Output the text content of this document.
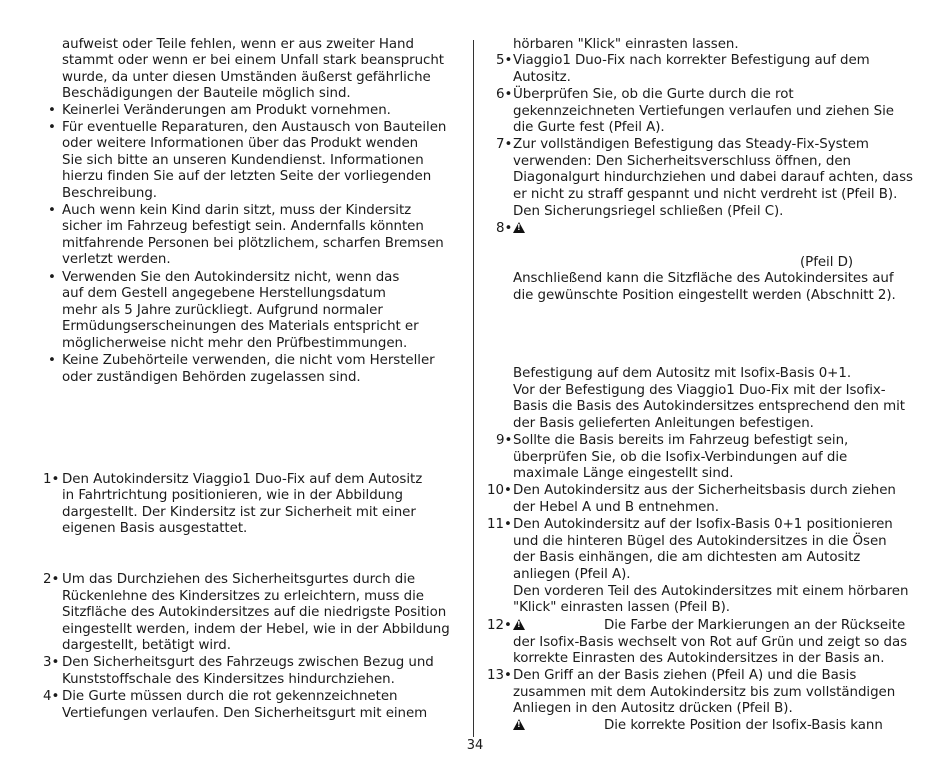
aufweist oder Teile fehlen, wenn er aus zweiter Hand
stammt oder wenn er bei einem Unfall stark beansprucht
wurde, da unter diesen Umständen äußerst gefährliche
Beschädigungen der Bauteile möglich sind.
• Keinerlei Veränderungen am Produkt vornehmen.
• Für eventuelle Reparaturen, den Austausch von Bauteilen
oder weitere Informationen über das Produkt wenden
Sie sich bitte an unseren Kundendienst. Informationen
hierzu finden Sie auf der letzten Seite der vorliegenden
Beschreibung.
• Auch wenn kein Kind darin sitzt, muss der Kindersitz
sicher im Fahrzeug befestigt sein. Andernfalls könnten
mitfahrende Personen bei plötzlichem, scharfen Bremsen
verletzt werden.
• Verwenden Sie den Autokindersitz nicht, wenn das
auf dem Gestell angegebene Herstellungsdatum
mehr als 5 Jahre zurückliegt. Aufgrund normaler
Ermüdungserscheinungen des Materials entspricht er
möglicherweise nicht mehr den Prüfbestimmungen.
• Keine Zubehörteile verwenden, die nicht vom Hersteller
oder zuständigen Behörden zugelassen sind.
1• Den Autokindersitz Viaggio1 Duo-Fix auf dem Autositz
in Fahrtrichtung positionieren, wie in der Abbildung
dargestellt. Der Kindersitz ist zur Sicherheit mit einer
eigenen Basis ausgestattet.
2• Um das Durchziehen des Sicherheitsgurtes durch die
Rückenlehne des Kindersitzes zu erleichtern, muss die
Sitzfläche des Autokindersitzes auf die niedrigste Position
eingestellt werden, indem der Hebel, wie in der Abbildung
dargestellt, betätigt wird.
3• Den Sicherheitsgurt des Fahrzeugs zwischen Bezug und
Kunststoffschale des Kindersitzes hindurchziehen.
4• Die Gurte müssen durch die rot gekennzeichneten
Vertiefungen verlaufen. Den Sicherheitsgurt mit einem
hörbaren "Klick" einrasten lassen.
5• Viaggio1 Duo-Fix nach korrekter Befestigung auf dem
Autositz.
6• Überprüfen Sie, ob die Gurte durch die rot
gekennzeichneten Vertiefungen verlaufen und ziehen Sie
die Gurte fest (Pfeil A).
7• Zur vollständigen Befestigung das Steady-Fix-System
verwenden: Den Sicherheitsverschluss öffnen, den
Diagonalgurt hindurchziehen und dabei darauf achten, dass
er nicht zu straff gespannt und nicht verdreht ist (Pfeil B).
Den Sicherungsriegel schließen (Pfeil C).
8•
!
(Pfeil D)
Anschließend kann die Sitzfläche des Autokindersites auf
die gewünschte Position eingestellt werden (Abschnitt 2).
Befestigung auf dem Autositz mit Isofix-Basis 0+1.
Vor der Befestigung des Viaggio1 Duo-Fix mit der Isofix-
Basis die Basis des Autokindersitzes entsprechend den mit
der Basis gelieferten Anleitungen befestigen.
9• Sollte die Basis bereits im Fahrzeug befestigt sein,
überprüfen Sie, ob die Isofix-Verbindungen auf die
maximale Länge eingestellt sind.
10• Den Autokindersitz aus der Sicherheitsbasis durch ziehen
der Hebel A und B entnehmen.
11• Den Autokindersitz auf der Isofix-Basis 0+1 positionieren
und die hinteren Bügel des Autokindersitzes in die Ösen
der Basis einhängen, die am dichtesten am Autositz
anliegen (Pfeil A).
Den vorderen Teil des Autokindersitzes mit einem hörbaren
"Klick" einrasten lassen (Pfeil B).
12•
!	Die Farbe der Markierungen an der Rückseite
der Isofix-Basis wechselt von Rot auf Grün und zeigt so das
korrekte Einrasten des Autokindersitzes in der Basis an.
13• Den Griff an der Basis ziehen (Pfeil A) und die Basis
zusammen mit dem Autokindersitz bis zum vollständigen
Anliegen in den Autositz drücken (Pfeil B).
!
Die korrekte Position der Isofix-Basis kann
34
